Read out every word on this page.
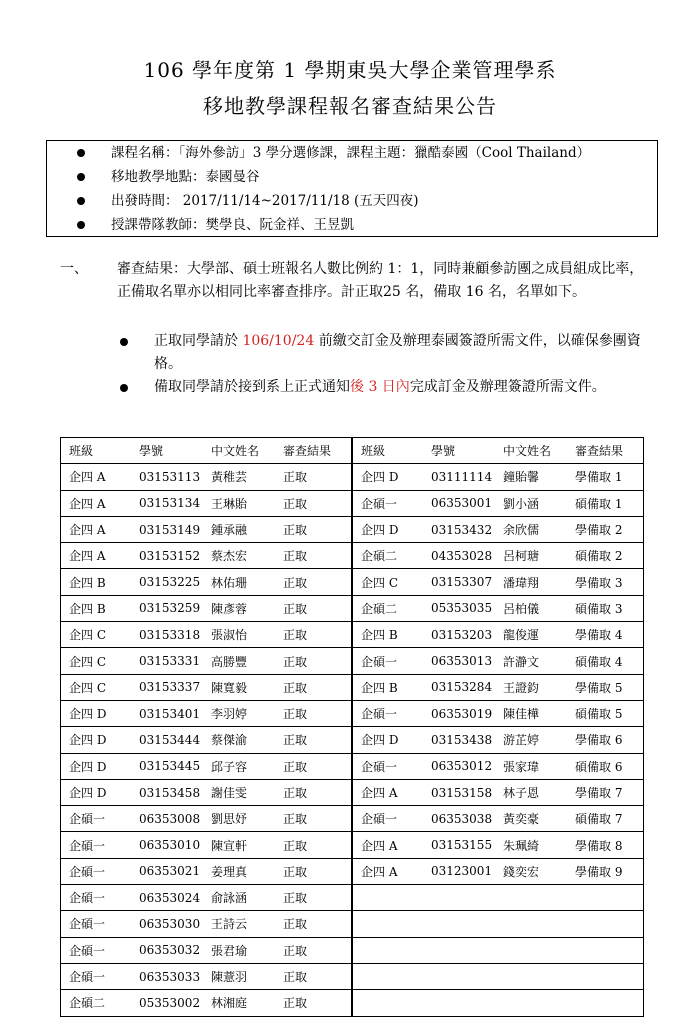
106 學年度第 1 學期東吳大學企業管理學系
移地教學課程報名審查結果公告
課程名稱：「海外參訪」3 學分選修課，課程主題：獵酷泰國（Cool Thailand）
移地教學地點：泰國曼谷
出發時間： 2017/11/14~2017/11/18 (五天四夜)
授課帶隊教師：樊學良、阮金祥、王昱凱
一、 審查結果：大學部、碩士班報名人數比例約 1：1，同時兼顧參訪團之成員組成比率，正備取名單亦以相同比率審查排序。計正取25 名，備取 16 名，名單如下。
正取同學請於 106/10/24 前繳交訂金及辦理泰國簽證所需文件，以確保參團資格。
備取同學請於接到系上正式通知後 3 日內完成訂金及辦理簽證所需文件。
班級 學號 中文姓名 審查結果	班級 學號 中文姓名 審查結果

企四 A 03153113 黃稚芸 正取	企四 D 03111114 鐘貽馨 學備取 1

企四 A 03153134 王琳貽 正取	企碩一 06353001 劉小涵 碩備取 1

企四 A 03153149 鍾承融 正取	企四 D 03153432 余欣儒 學備取 2

企四 A 03153152 蔡杰宏 正取	企碩二 04353028 呂柯瑭 碩備取 2

企四 B 03153225 林佑珊 正取	企四 C 03153307 潘瑋翔 學備取 3

企四 B 03153259 陳彥蓉 正取	企碩二 05353035 呂柏儀 碩備取 3

企四 C 03153318 張淑怡 正取	企四 B 03153203 龍俊運 學備取 4

企四 C 03153331 高勝豐 正取	企碩一 06353013 許瀞文 碩備取 4

企四 C 03153337 陳寬毅 正取	企四 B 03153284 王證鈞 學備取 5

企四 D 03153401 李羽婷 正取	企碩一 06353019 陳佳樺 碩備取 5

企四 D 03153444 蔡傑渝 正取	企四 D 03153438 游芷婷 學備取 6

企四 D 03153445 邱子容 正取	企碩一 06353012 張家瑋 碩備取 6

企四 D 03153458 謝佳雯 正取	企四 A 03153158 林子恩 學備取 7

企碩一 06353008 劉思妤 正取	企碩一 06353038 黃奕豪 碩備取 7

企碩一 06353010 陳宣軒 正取	企四 A 03153155 朱珮綺 學備取 8

企碩一 06353021 姜理真 正取	企四 A 03123001 錢奕宏 學備取 9

企碩一 06353024 俞詠涵 正取	

企碩一 06353030 王詩云 正取	

企碩一 06353032 張君瑜 正取	

企碩一 06353033 陳薏羽 正取	

企碩二 05353002 林湘庭 正取	
